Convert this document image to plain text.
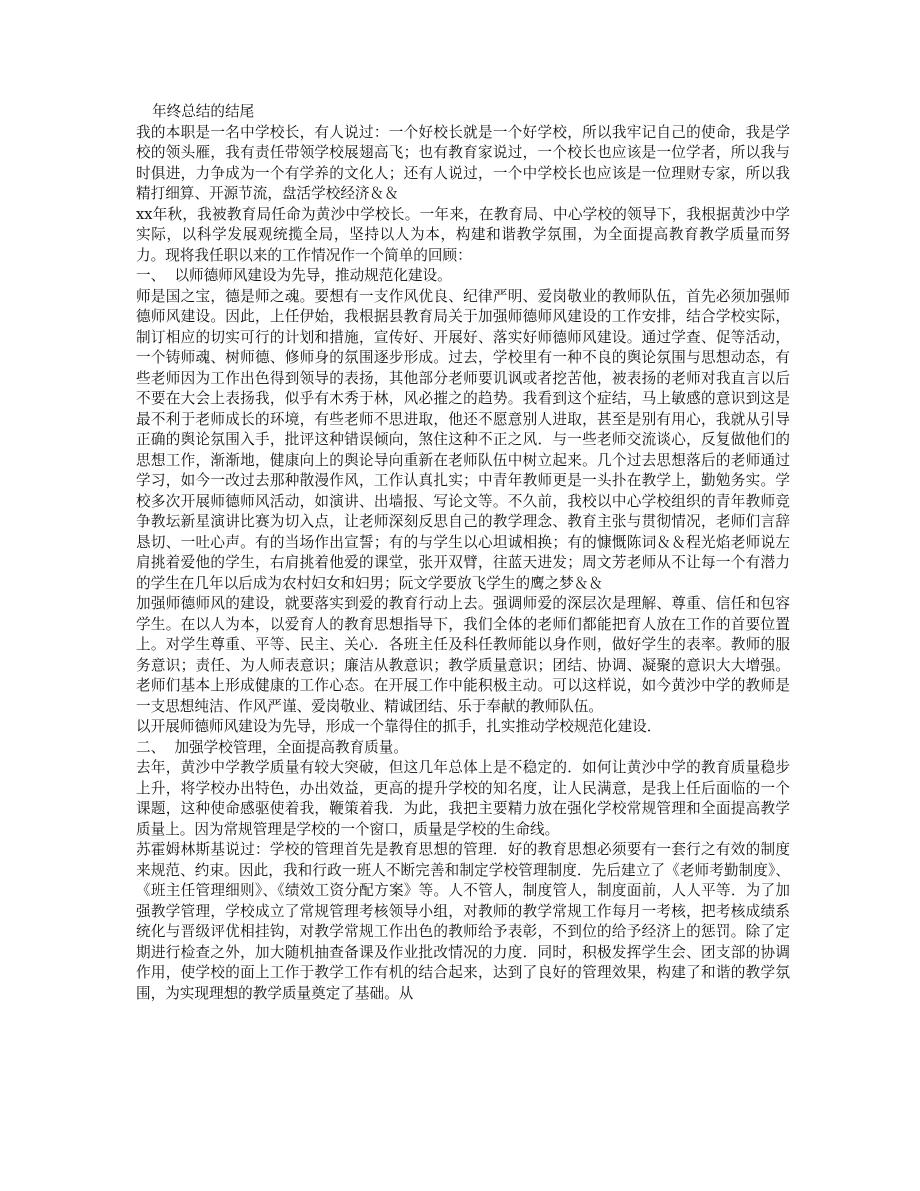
年终总结的结尾

我的本职是一名中学校长，有人说过：一个好校长就是一个好学校，所以我牢记自己的使命，我是学校的领头雁，我有责任带领学校展翅高飞；也有教育家说过，一个校长也应该是一位学者，所以我与时俱进，力争成为一个有学养的文化人；还有人说过，一个中学校长也应该是一位理财专家，所以我精打细算、开源节流，盘活学校经济＆＆

xx年秋，我被教育局任命为黄沙中学校长。一年来，在教育局、中心学校的领导下，我根据黄沙中学实际，以科学发展观统揽全局，坚持以人为本，构建和谐教学氛围，为全面提高教育教学质量而努力。现将我任职以来的工作情况作一个简单的回顾：

一、  以师德师风建设为先导，推动规范化建设。

师是国之宝，德是师之魂。要想有一支作风优良、纪律严明、爱岗敬业的教师队伍，首先必须加强师德师风建设。因此，上任伊始，我根据县教育局关于加强师德师风建设的工作安排，结合学校实际，制订相应的切实可行的计划和措施，宣传好、开展好、落实好师德师风建设。通过学查、促等活动，一个铸师魂、树师德、修师身的氛围逐步形成。过去，学校里有一种不良的舆论氛围与思想动态，有些老师因为工作出色得到领导的表扬，其他部分老师要讥讽或者挖苦他，被表扬的老师对我直言以后不要在大会上表扬我，似乎有木秀于林，风必摧之的趋势。我看到这个症结，马上敏感的意识到这是最不利于老师成长的环境，有些老师不思进取，他还不愿意别人进取，甚至是别有用心，我就从引导正确的舆论氛围入手，批评这种错误倾向，煞住这种不正之风．与一些老师交流谈心，反复做他们的思想工作，渐渐地，健康向上的舆论导向重新在老师队伍中树立起来。几个过去思想落后的老师通过学习，如今一改过去那种散漫作风，工作认真扎实；中青年教师更是一头扑在教学上，勤勉务实。学校多次开展师德师风活动，如演讲、出墙报、写论文等。不久前，我校以中心学校组织的青年教师竞争教坛新星演讲比赛为切入点，让老师深刻反思自己的教学理念、教育主张与贯彻情况，老师们言辞恳切、一吐心声。有的当场作出宣誓；有的与学生以心坦诚相换；有的慷慨陈词＆＆程光焰老师说左肩挑着爱他的学生，右肩挑着他爱的课堂，张开双臂，往蓝天进发；周文芳老师从不让每一个有潜力的学生在几年以后成为农村妇女和妇男；阮文学要放飞学生的鹰之梦＆＆

加强师德师风的建设，就要落实到爱的教育行动上去。强调师爱的深层次是理解、尊重、信任和包容学生。在以人为本，以爱育人的教育思想指导下，我们全体的老师们都能把育人放在工作的首要位置上。对学生尊重、平等、民主、关心．各班主任及科任教师能以身作则，做好学生的表率。教师的服务意识；责任、为人师表意识；廉洁从教意识；教学质量意识；团结、协调、凝聚的意识大大增强。老师们基本上形成健康的工作心态。在开展工作中能积极主动。可以这样说，如今黄沙中学的教师是一支思想纯洁、作风严谨、爱岗敬业、精诚团结、乐于奉献的教师队伍。

以开展师德师风建设为先导，形成一个靠得住的抓手，扎实推动学校规范化建设．

二、  加强学校管理，全面提高教育质量。

去年，黄沙中学教学质量有较大突破，但这几年总体上是不稳定的．如何让黄沙中学的教育质量稳步上升，将学校办出特色，办出效益，更高的提升学校的知名度，让人民满意，是我上任后面临的一个课题，这种使命感驱使着我，鞭策着我．为此，我把主要精力放在强化学校常规管理和全面提高教学质量上。因为常规管理是学校的一个窗口，质量是学校的生命线。

苏霍姆林斯基说过：学校的管理首先是教育思想的管理．好的教育思想必须要有一套行之有效的制度来规范、约束。因此，我和行政一班人不断完善和制定学校管理制度．先后建立了《老师考勤制度》、《班主任管理细则》、《绩效工资分配方案》等。人不管人，制度管人，制度面前，人人平等．为了加强教学管理，学校成立了常规管理考核领导小组，对教师的教学常规工作每月一考核，把考核成绩系统化与晋级评优相挂钩，对教学常规工作出色的教师给予表彰，不到位的给予经济上的惩罚。除了定期进行检查之外，加大随机抽查备课及作业批改情况的力度．同时，积极发挥学生会、团支部的协调作用，使学校的面上工作于教学工作有机的结合起来，达到了良好的管理效果，构建了和谐的教学氛围，为实现理想的教学质量奠定了基础。从
